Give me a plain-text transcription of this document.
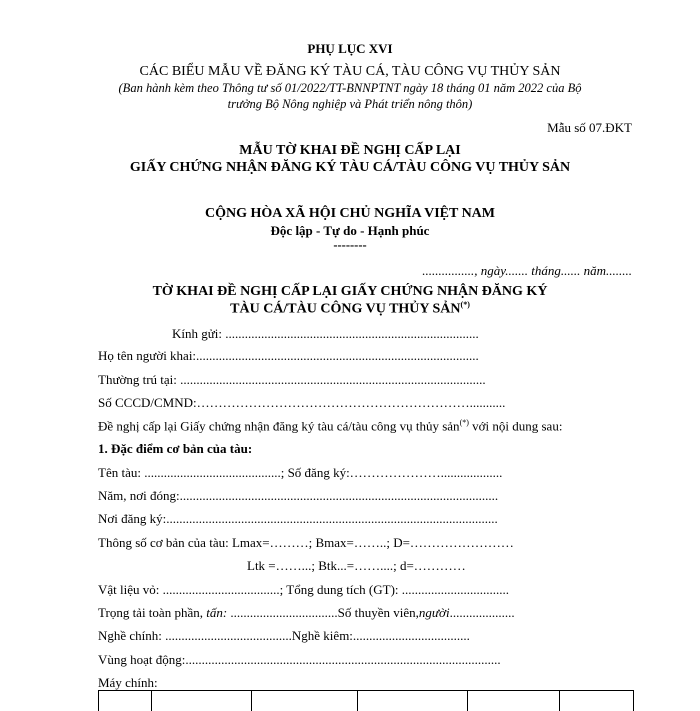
PHỤ LỤC XVI
CÁC BIỂU MẪU VỀ ĐĂNG KÝ TÀU CÁ, TÀU CÔNG VỤ THỦY SẢN
(Ban hành kèm theo Thông tư số 01/2022/TT-BNNPTNT ngày 18 tháng 01 năm 2022 của Bộ
trưởng Bộ Nông nghiệp và Phát triển nông thôn)
Mẫu số 07.ĐKT
MẪU TỜ KHAI ĐỀ NGHỊ CẤP LẠI
GIẤY CHỨNG NHẬN ĐĂNG KÝ TÀU CÁ/TÀU CÔNG VỤ THỦY SẢN
CỘNG HÒA XÃ HỘI CHỦ NGHĨA VIỆT NAM
Độc lập - Tự do - Hạnh phúc
--------
................, ngày....... tháng...... năm........
TỜ KHAI ĐỀ NGHỊ CẤP LẠI GIẤY CHỨNG NHẬN ĐĂNG KÝ
TÀU CÁ/TÀU CÔNG VỤ THỦY SẢN(*)
Kính gửi: ..............................................................................
Họ tên người khai:.......................................................................................
Thường trú tại: ..............................................................................................
Số CCCD/CMND:………………………………………………………...........
Đề nghị cấp lại Giấy chứng nhận đăng ký tàu cá/tàu công vụ thủy sản(*) với nội dung sau:
1. Đặc điểm cơ bản của tàu:
Tên tàu: ..........................................; Số đăng ký:…………………...................
Năm, nơi đóng:..................................................................................................
Nơi đăng ký:......................................................................................................
Thông số cơ bản của tàu: Lmax=………; Bmax=……..; D=……………………
Ltk =……...; Btk...=……....; d=…………
Vật liệu vỏ: ....................................; Tổng dung tích (GT): .................................
Trọng tải toàn phần, tấn: .................................Số thuyền viên,người....................
Nghề chính: .......................................Nghề kiêm:....................................
Vùng hoạt động:.................................................................................................
Máy chính:
